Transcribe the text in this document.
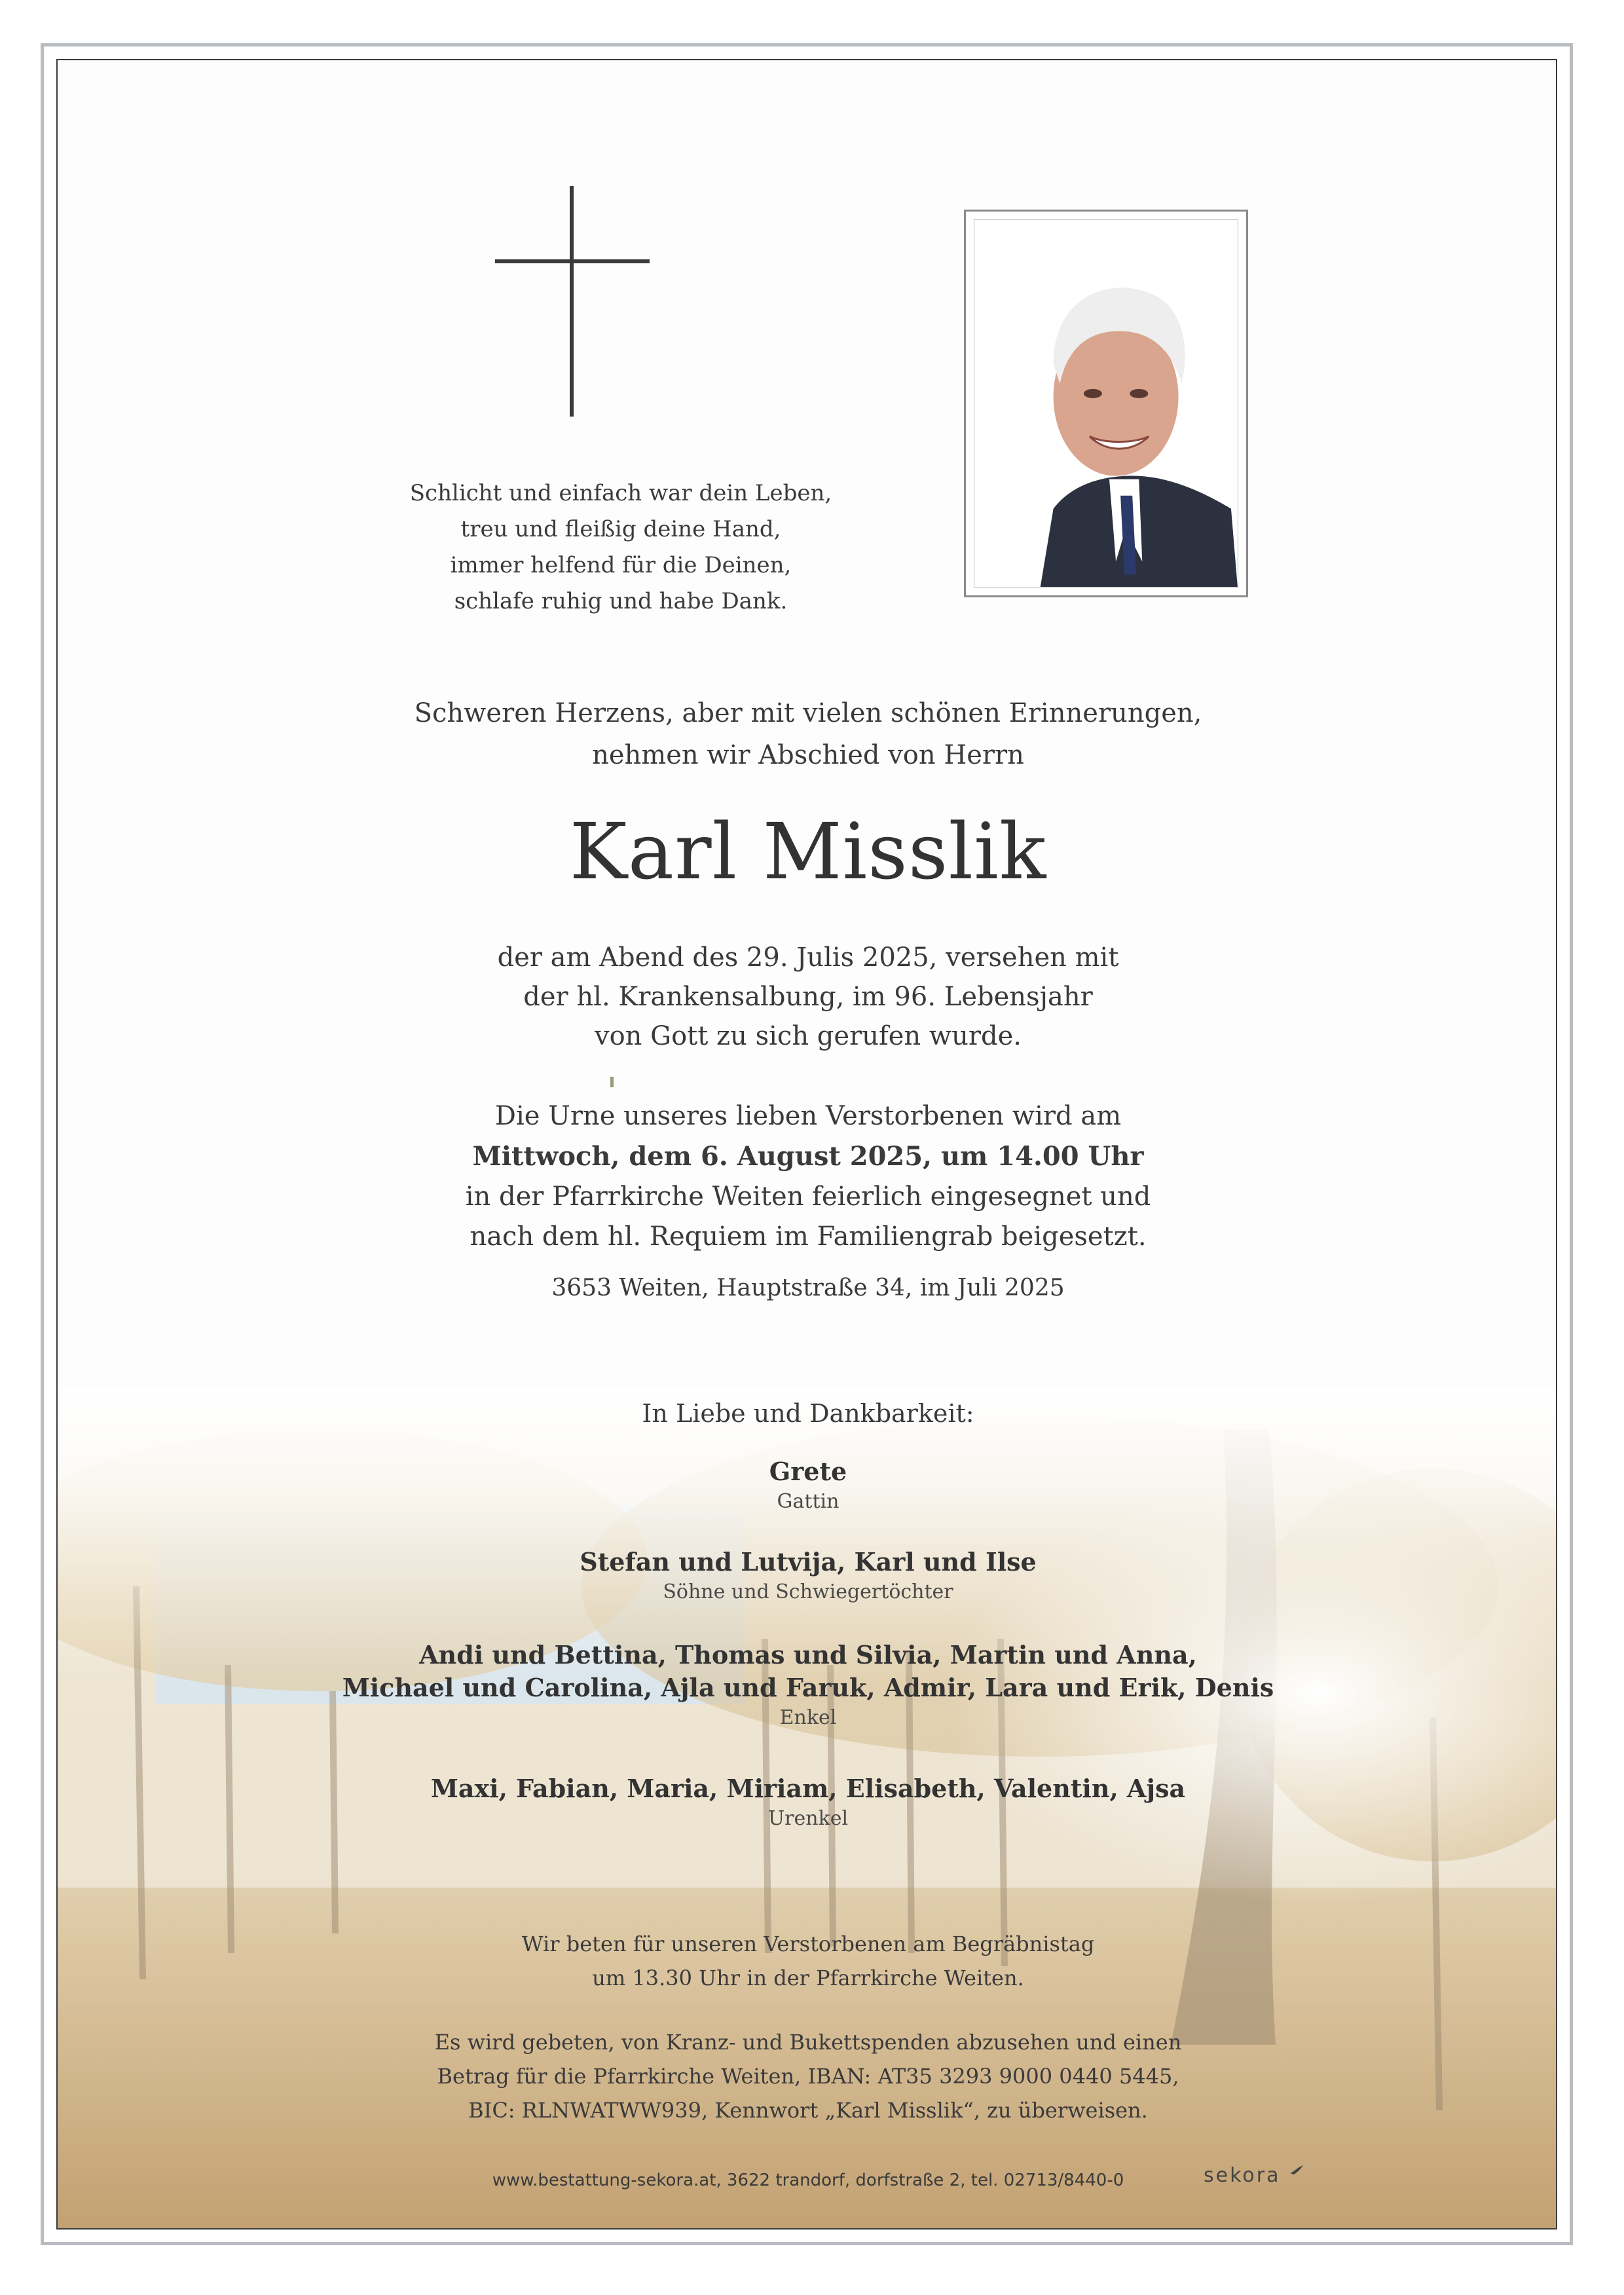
Schlicht und einfach war dein Leben,
treu und fleißig deine Hand,
immer helfend für die Deinen,
schlafe ruhig und habe Dank.
Schweren Herzens, aber mit vielen schönen Erinnerungen,
nehmen wir Abschied von Herrn
Karl Misslik
der am Abend des 29. Julis 2025, versehen mit
der hl. Krankensalbung, im 96. Lebensjahr
von Gott zu sich gerufen wurde.
Die Urne unseres lieben Verstorbenen wird am
Mittwoch, dem 6. August 2025, um 14.00 Uhr
in der Pfarrkirche Weiten feierlich eingesegnet und
nach dem hl. Requiem im Familiengrab beigesetzt.
3653 Weiten, Hauptstraße 34, im Juli 2025
In Liebe und Dankbarkeit:
Grete
Gattin
Stefan und Lutvija, Karl und Ilse
Söhne und Schwiegertöchter
Andi und Bettina, Thomas und Silvia, Martin und Anna,
Michael und Carolina, Ajla und Faruk, Admir, Lara und Erik, Denis
Enkel
Maxi, Fabian, Maria, Miriam, Elisabeth, Valentin, Ajsa
Urenkel
Wir beten für unseren Verstorbenen am Begräbnistag
um 13.30 Uhr in der Pfarrkirche Weiten.
Es wird gebeten, von Kranz- und Bukettspenden abzusehen und einen
Betrag für die Pfarrkirche Weiten, IBAN: AT35 3293 9000 0440 5445,
BIC: RLNWATWW939, Kennwort „Karl Misslik“, zu überweisen.
www.bestattung-sekora.at, 3622 trandorf, dorfstraße 2, tel. 02713/8440-0	sekora
